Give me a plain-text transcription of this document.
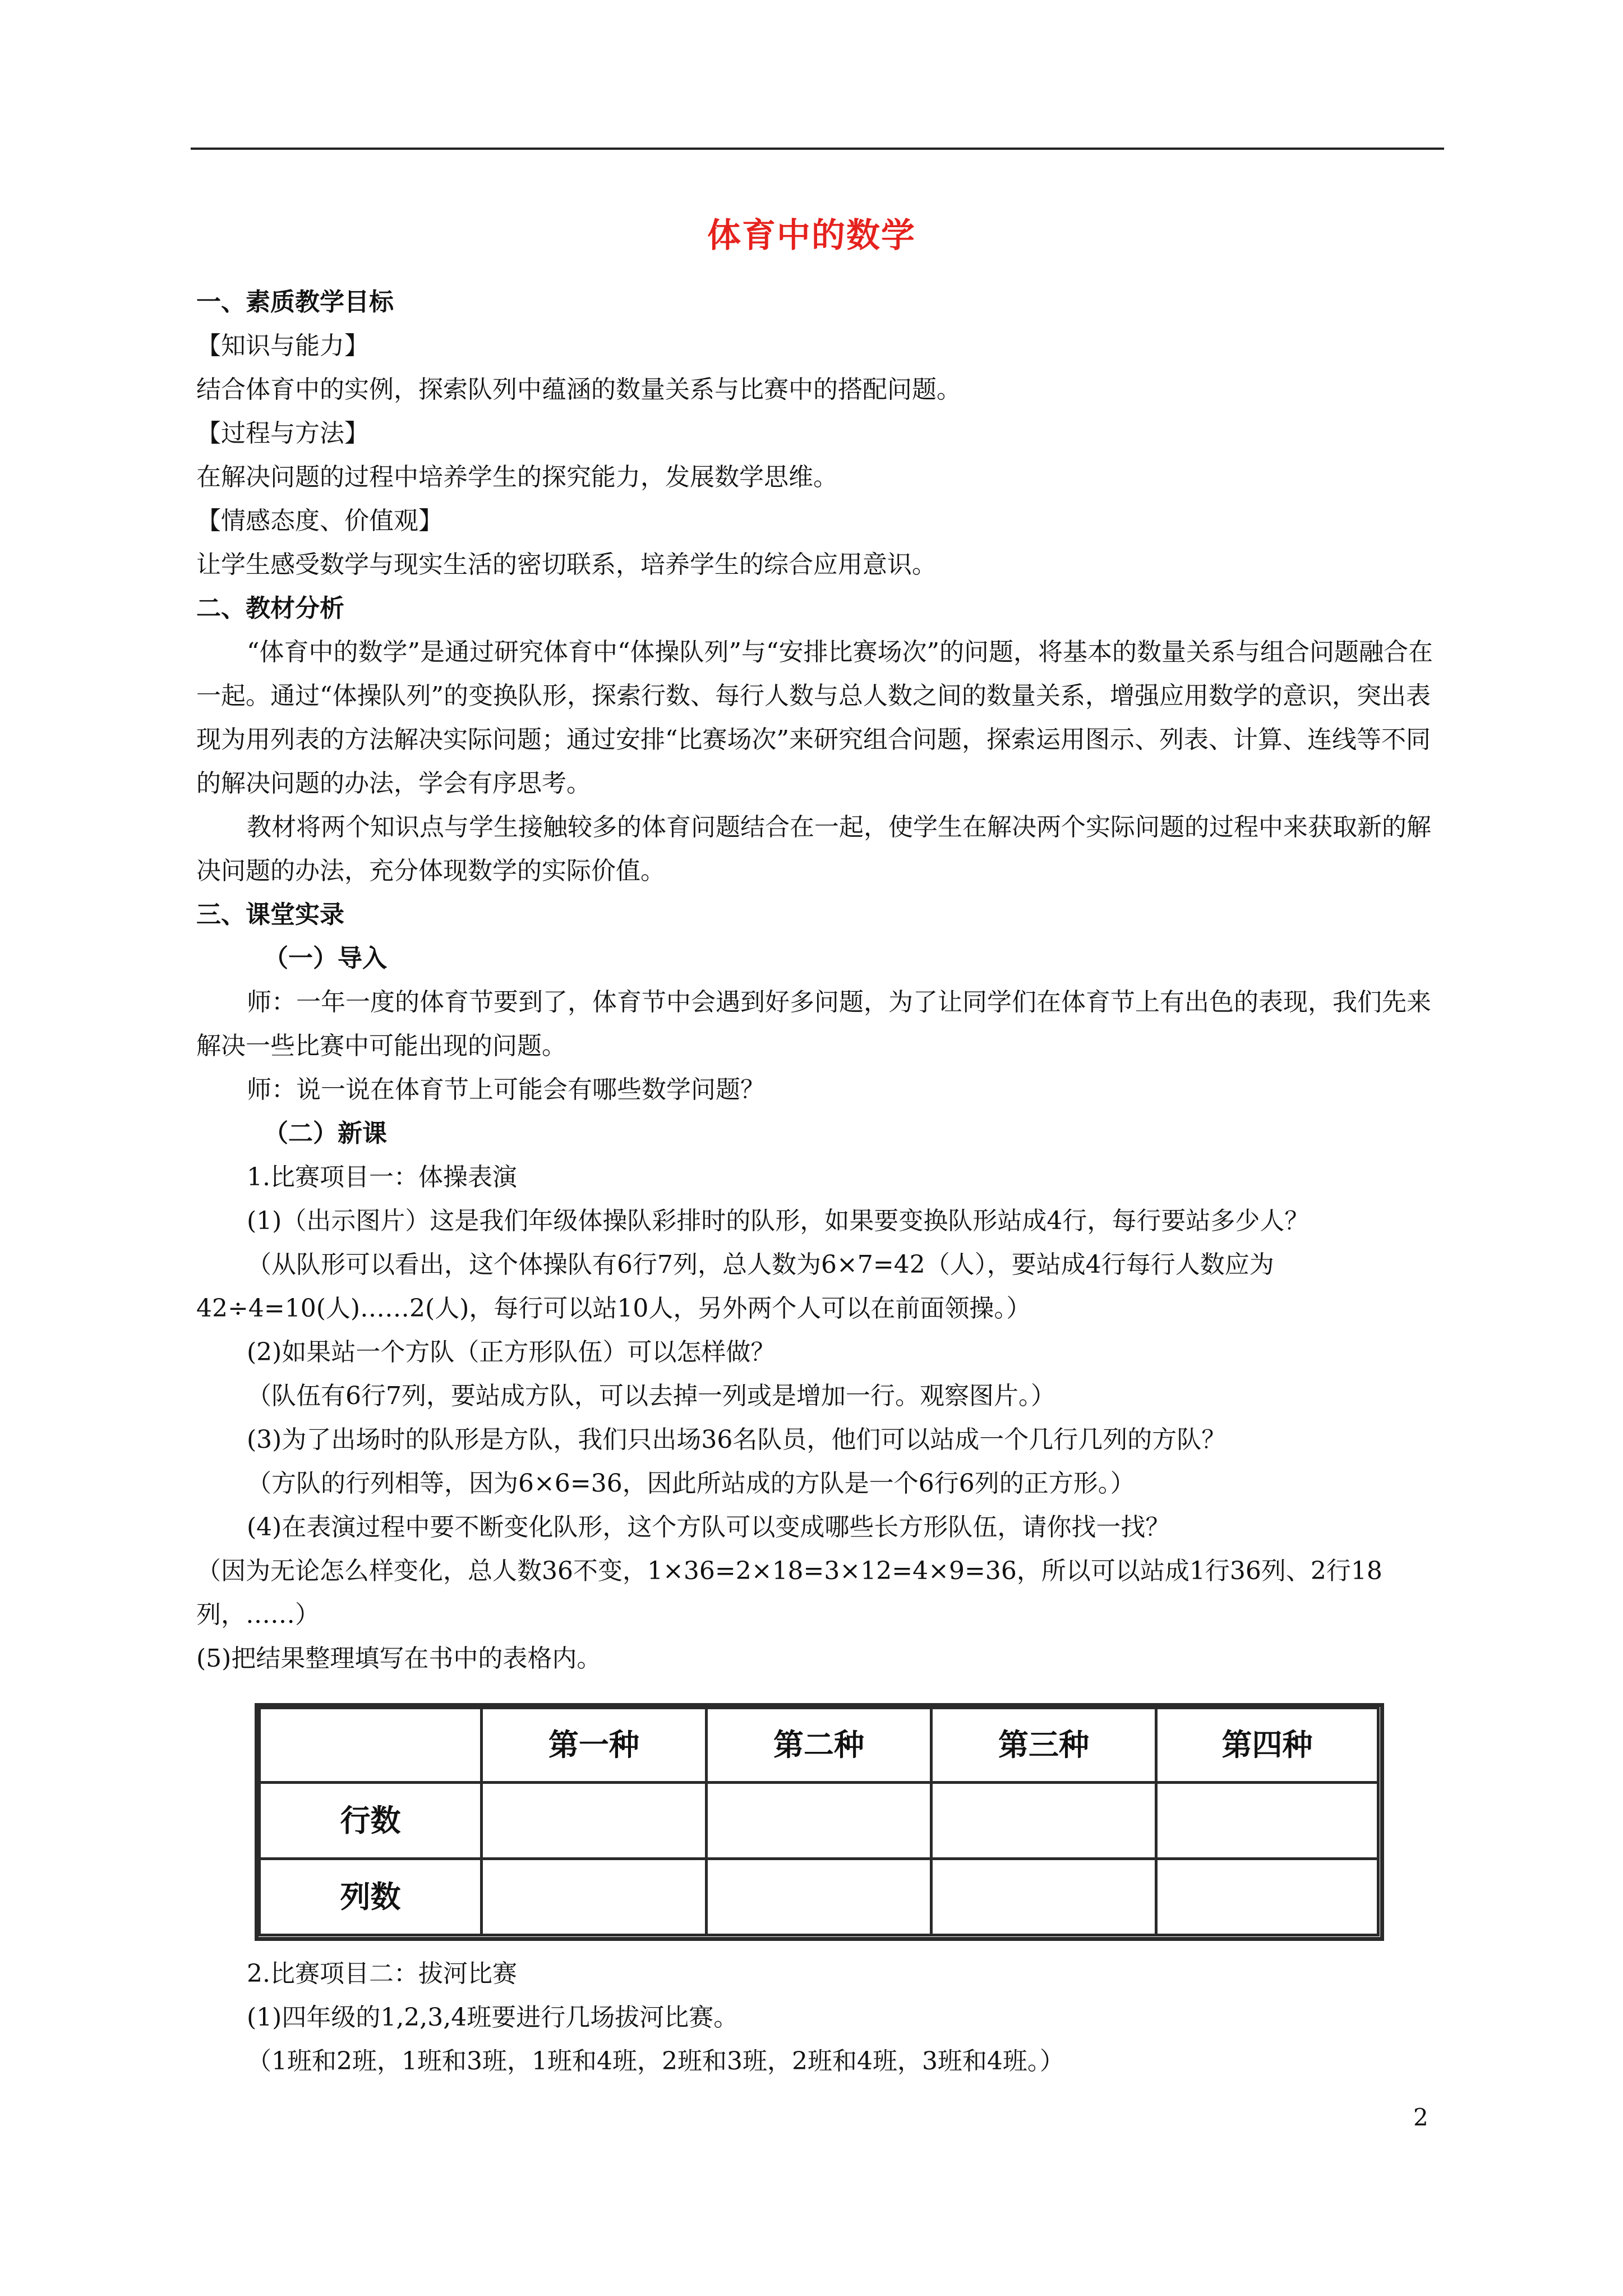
体育中的数学

一、素质教学目标

【知识与能力】

结合体育中的实例，探索队列中蕴涵的数量关系与比赛中的搭配问题。

【过程与方法】

在解决问题的过程中培养学生的探究能力，发展数学思维。

【情感态度、价值观】

让学生感受数学与现实生活的密切联系，培养学生的综合应用意识。

二、教材分析

“体育中的数学”是通过研究体育中“体操队列”与“安排比赛场次”的问题，将基本的数量关系与组合问题融合在一起。通过“体操队列”的变换队形，探索行数、每行人数与总人数之间的数量关系，增强应用数学的意识，突出表现为用列表的方法解决实际问题；通过安排“比赛场次”来研究组合问题，探索运用图示、列表、计算、连线等不同的解决问题的办法，学会有序思考。

教材将两个知识点与学生接触较多的体育问题结合在一起，使学生在解决两个实际问题的过程中来获取新的解决问题的办法，充分体现数学的实际价值。

三、课堂实录

（一）导入

师：一年一度的体育节要到了，体育节中会遇到好多问题，为了让同学们在体育节上有出色的表现，我们先来解决一些比赛中可能出现的问题。

师：说一说在体育节上可能会有哪些数学问题？

（二）新课

1.比赛项目一：体操表演

(1)（出示图片）这是我们年级体操队彩排时的队形，如果要变换队形站成4行，每行要站多少人？

（从队形可以看出，这个体操队有6行7列，总人数为6×7=42（人），要站成4行每行人数应为42÷4=10(人)……2(人)，每行可以站10人，另外两个人可以在前面领操。）

(2)如果站一个方队（正方形队伍）可以怎样做？

（队伍有6行7列，要站成方队，可以去掉一列或是增加一行。观察图片。）

(3)为了出场时的队形是方队，我们只出场36名队员，他们可以站成一个几行几列的方队？

（方队的行列相等，因为6×6=36，因此所站成的方队是一个6行6列的正方形。）

(4)在表演过程中要不断变化队形，这个方队可以变成哪些长方形队伍，请你找一找？

（因为无论怎么样变化，总人数36不变，1×36=2×18=3×12=4×9=36，所以可以站成1行36列、2行18列，……）

(5)把结果整理填写在书中的表格内。

	第一种	第二种	第三种	第四种
行数				
列数				

2.比赛项目二：拔河比赛

(1)四年级的1,2,3,4班要进行几场拔河比赛。

（1班和2班，1班和3班，1班和4班，2班和3班，2班和4班，3班和4班。）

2
